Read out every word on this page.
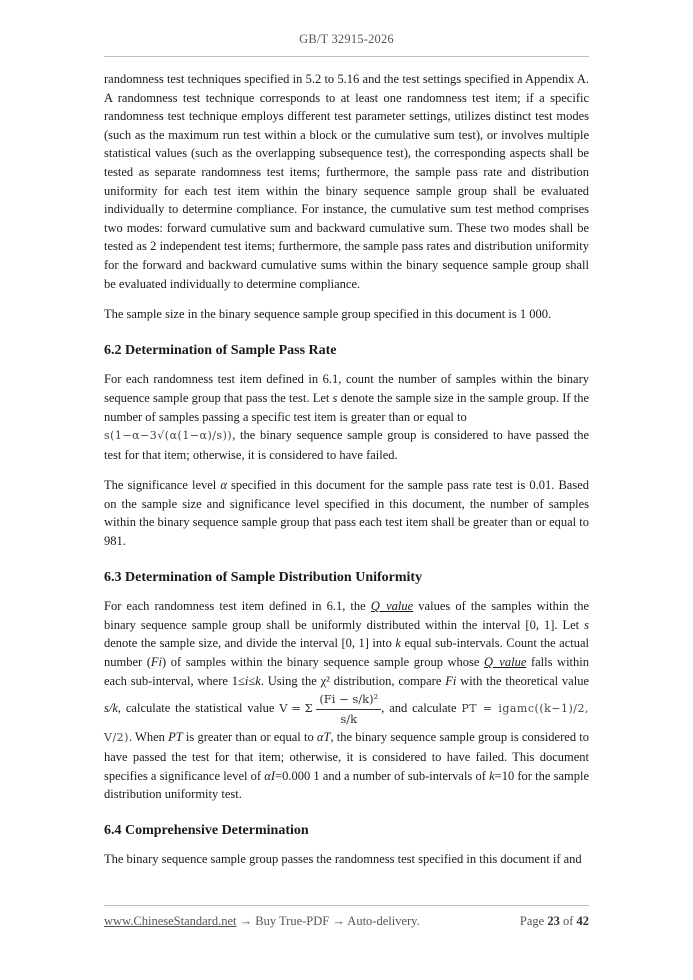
GB/T 32915-2026

randomness test techniques specified in 5.2 to 5.16 and the test settings specified in Appendix A. A randomness test technique corresponds to at least one randomness test item; if a specific randomness test technique employs different test parameter settings, utilizes distinct test modes (such as the maximum run test within a block or the cumulative sum test), or involves multiple statistical values (such as the overlapping subsequence test), the corresponding aspects shall be tested as separate randomness test items; furthermore, the sample pass rate and distribution uniformity for each test item within the binary sequence sample group shall be evaluated individually to determine compliance. For instance, the cumulative sum test method comprises two modes: forward cumulative sum and backward cumulative sum. These two modes shall be tested as 2 independent test items; furthermore, the sample pass rates and distribution uniformity for the forward and backward cumulative sums within the binary sequence sample group shall be evaluated individually to determine compliance.

The sample size in the binary sequence sample group specified in this document is 1 000.

6.2 Determination of Sample Pass Rate

For each randomness test item defined in 6.1, count the number of samples within the binary sequence sample group that pass the test. Let s denote the sample size in the sample group. If the number of samples passing a specific test item is greater than or equal to
s(1−α−3√(α(1−α)/s)), the binary sequence sample group is considered to have passed the test for that item; otherwise, it is considered to have failed.

The significance level α specified in this document for the sample pass rate test is 0.01. Based on the sample size and significance level specified in this document, the number of samples within the binary sequence sample group that pass each test item shall be greater than or equal to 981.

6.3 Determination of Sample Distribution Uniformity

For each randomness test item defined in 6.1, the Q_value values of the samples within the binary sequence sample group shall be uniformly distributed within the interval [0, 1]. Let s denote the sample size, and divide the interval [0, 1] into k equal sub-intervals. Count the actual number (Fi) of samples within the binary sequence sample group whose Q_value falls within each sub-interval, where 1≤i≤k. Using the χ² distribution, compare Fi with the theoretical value s/k, calculate the statistical value V = Σ $\frac{\text{(Fi − s/k)²}}{s/k}$ , and calculate PT = igamc((k−1)/2, V/2). When PT is greater than or equal to αT, the binary sequence sample group is considered to have passed the test for that item; otherwise, it is considered to have failed. This document specifies a significance level of αI=0.000 1 and a number of sub-intervals of k=10 for the sample distribution uniformity test.

6.4 Comprehensive Determination

The binary sequence sample group passes the randomness test specified in this document if and

www.ChineseStandard.net → Buy True-PDF → Auto-delivery.	Page 23 of 42
